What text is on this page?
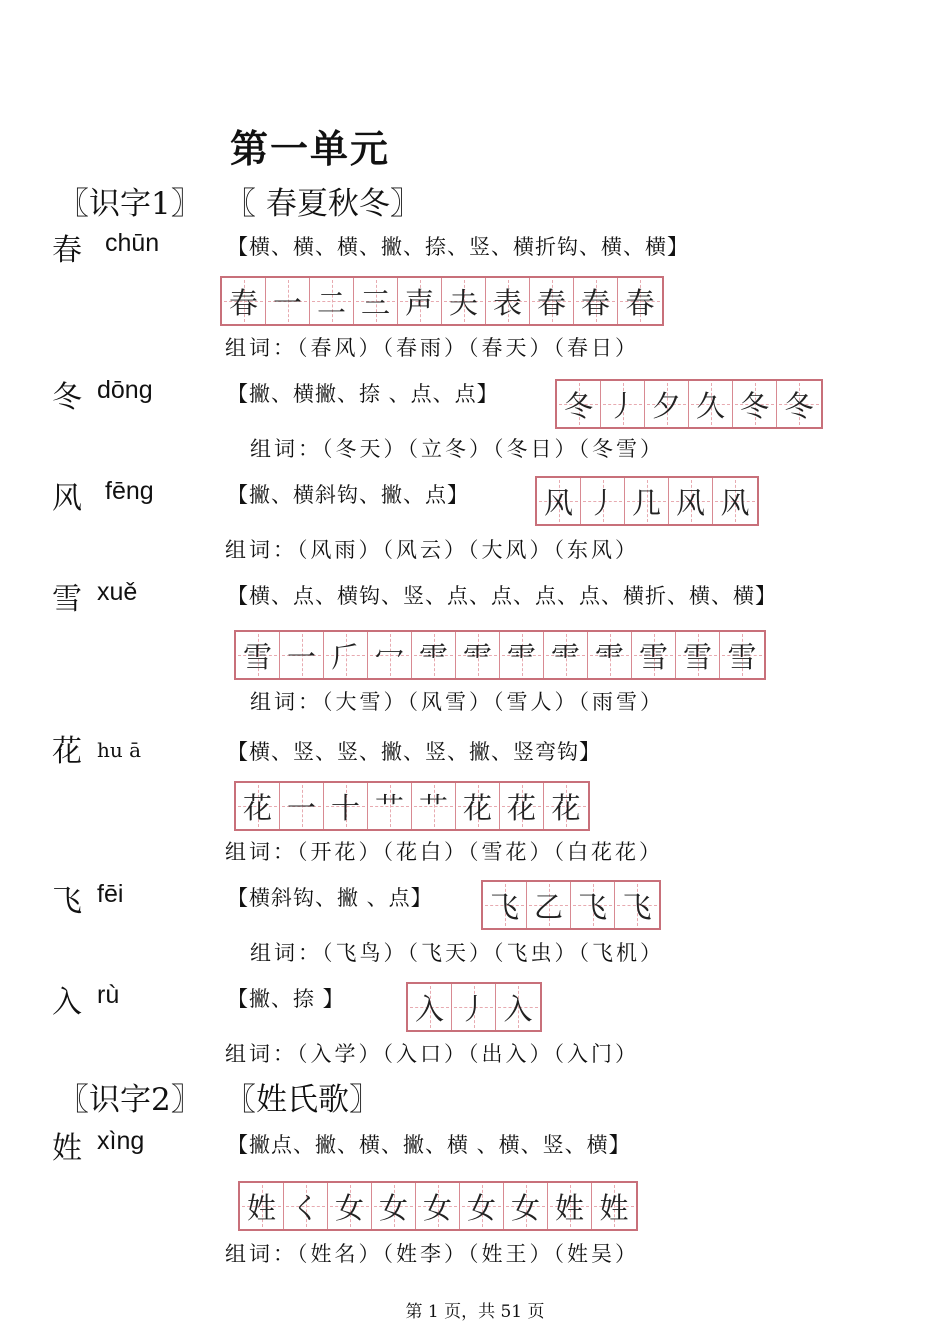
第一单元
〖识字1〗 〖 春夏秋冬〗
春 chūn	【横、横、横、撇、捺、竖、横折钩、横、横】
春 一 二 三 声 夫 表 春 春 春
组词：（春风）（春雨）（春天）（春日）
冬 dōng	【撇、横撇、捺 、点、点】 冬 丿 夕 久 冬 冬
组词：（冬天）（立冬）（冬日）（冬雪）
风 fēng	【撇、横斜钩、撇、点】	风 丿 几 风 风
组词：（风雨）（风云）（大风）（东风）
雪 xuě	【横、点、横钩、竖、点、点、点、点、横折、横、横】
雪 一 𠂆 冖 ⻗ ⻗ ⻗ ⻗ ⻗ 雪 雪 雪
组词：（大雪）（风雪）（雪人）（雨雪）
花 hu ā	【横、竖、竖、撇、竖、撇、竖弯钩】
花 一 十 艹 艹 花 花 花
组词：（开花）（花白）（雪花）（白花花）
飞 fēi	【横斜钩、撇 、点】 飞 乙 飞 飞
组词：（飞鸟）（飞天）（飞虫）（飞机）
入 rù	【撇、捺 】 入 丿 入
组词：（入学）（入口）（出入）（入门）
〖识字2〗 〖姓氏歌〗
姓 xìng	【撇点、撇、横、撇、横 、横、竖、横】
姓 く 女 女 女 女 女 姓 姓
组词：（姓名）（姓李）（姓王）（姓吴）
第 1 页，共 51 页
